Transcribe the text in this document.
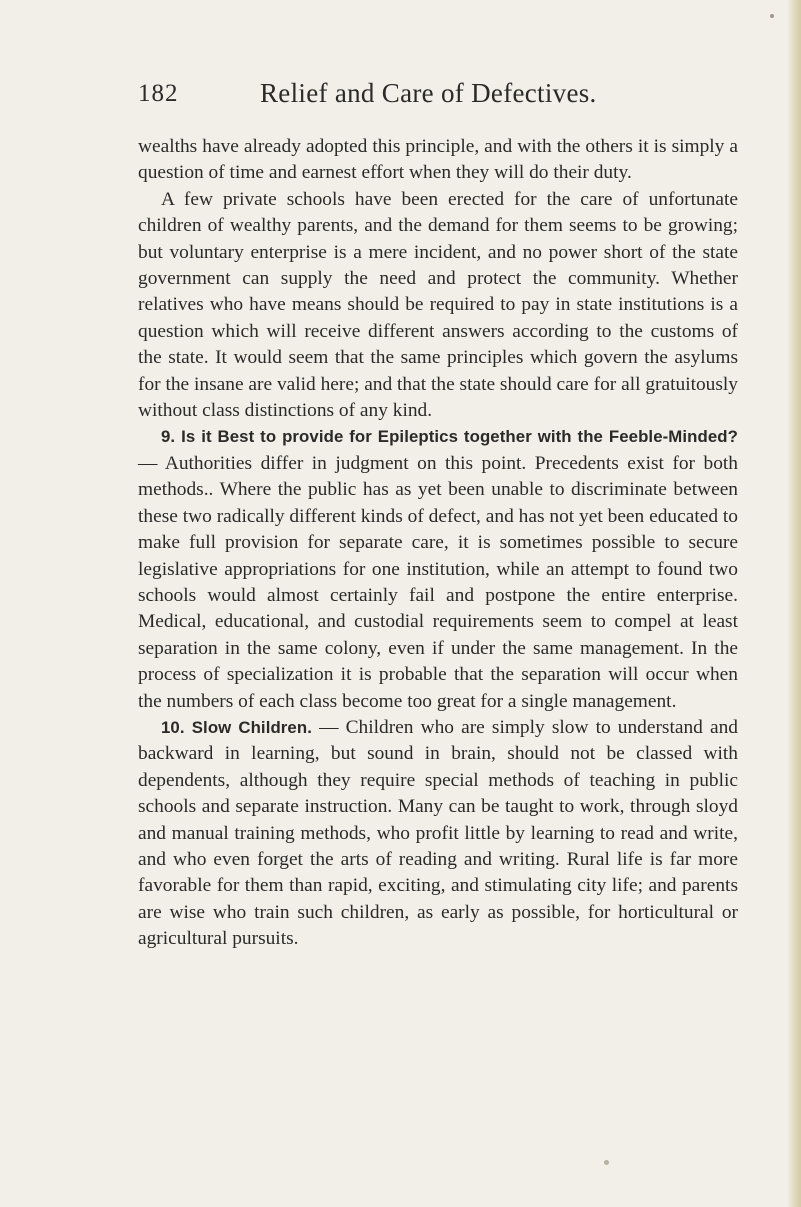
182	Relief and Care of Defectives.

wealths have already adopted this principle, and with the others it is simply a question of time and earnest effort when they will do their duty.

A few private schools have been erected for the care of unfortunate children of wealthy parents, and the demand for them seems to be growing; but voluntary enterprise is a mere incident, and no power short of the state government can supply the need and protect the community. Whether relatives who have means should be required to pay in state institutions is a question which will receive different answers according to the customs of the state. It would seem that the same principles which govern the asylums for the insane are valid here; and that the state should care for all gratuitously without class distinctions of any kind.

9. Is it Best to provide for Epileptics together with the Feeble-Minded? — Authorities differ in judgment on this point. Precedents exist for both methods.. Where the public has as yet been unable to discriminate between these two radically different kinds of defect, and has not yet been educated to make full provision for separate care, it is sometimes possible to secure legislative appropriations for one institution, while an attempt to found two schools would almost certainly fail and postpone the entire enterprise. Medical, educational, and custodial requirements seem to compel at least separation in the same colony, even if under the same management. In the process of specialization it is probable that the separation will occur when the numbers of each class become too great for a single management.

10. Slow Children. — Children who are simply slow to understand and backward in learning, but sound in brain, should not be classed with dependents, although they require special methods of teaching in public schools and separate instruction. Many can be taught to work, through sloyd and manual training methods, who profit little by learning to read and write, and who even forget the arts of reading and writing. Rural life is far more favorable for them than rapid, exciting, and stimulating city life; and parents are wise who train such children, as early as possible, for horticultural or agricultural pursuits.
